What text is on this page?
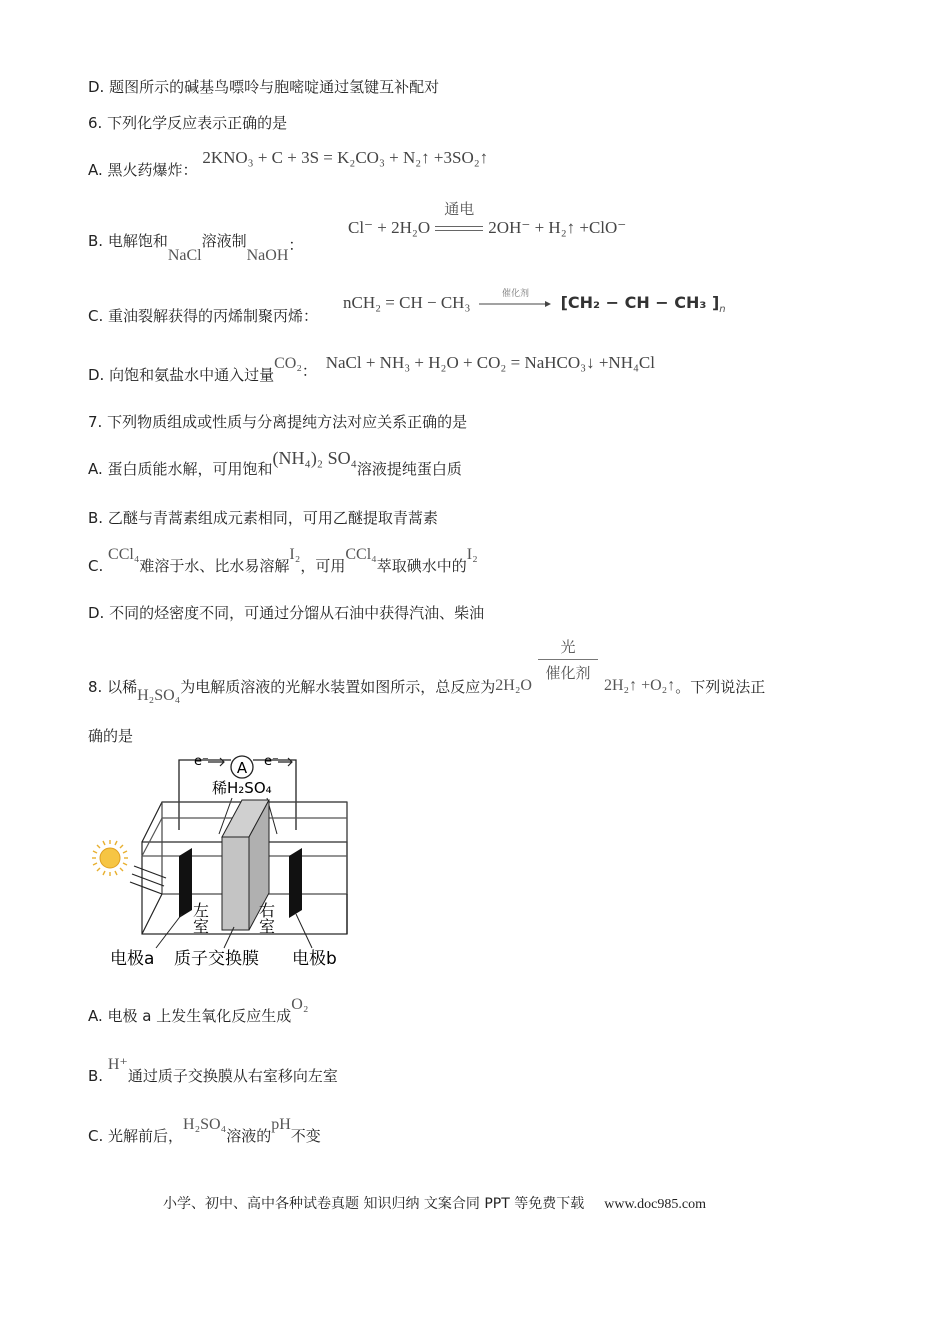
D. 题图所示的碱基鸟嘌呤与胞嘧啶通过氢键互补配对
6. 下列化学反应表示正确的是
A. 黑火药爆炸： 2KNO₃ + C + 3S = K₂CO₃ + N₂↑ +3SO₂↑
B. 电解饱和NaCl溶液制NaOH：
Cl⁻ + 2H₂O
通电
2OH⁻ + H₂↑ +ClO⁻
C. 重油裂解获得的丙烯制聚丙烯：
nCH₂ = CH − CH₃	催化剂	[CH₂ − CH − CH₃ ]$_n$
D. 向饱和氨盐水中通入过量CO₂： NaCl + NH₃ + H₂O + CO₂ = NaHCO₃↓ +NH₄Cl
7. 下列物质组成或性质与分离提纯方法对应关系正确的是
A. 蛋白质能水解，可用饱和(NH₄)₂ SO₄溶液提纯蛋白质
B. 乙醚与青蒿素组成元素相同，可用乙醚提取青蒿素
C. CCl₄难溶于水、比水易溶解I₂，可用CCl₄萃取碘水中的I₂
D. 不同的烃密度不同，可通过分馏从石油中获得汽油、柴油
8. 以稀H₂SO₄为电解质溶液的光解水装置如图所示，总反应为2H₂O
$\frac{\text{光}}{\text{催化剂}}$
2H₂↑ +O₂↑。下列说法正
确的是
A
e⁻	e⁻
稀H₂SO₄
左室	右室
电极a 质子交换膜 电极b
A. 电极 a 上发生氧化反应生成O₂
B. H⁺通过质子交换膜从右室移向左室
C. 光解前后，H₂SO₄溶液的pH不变
小学、初中、高中各种试卷真题 知识归纳 文案合同 PPT 等免费下载 www.doc985.com
